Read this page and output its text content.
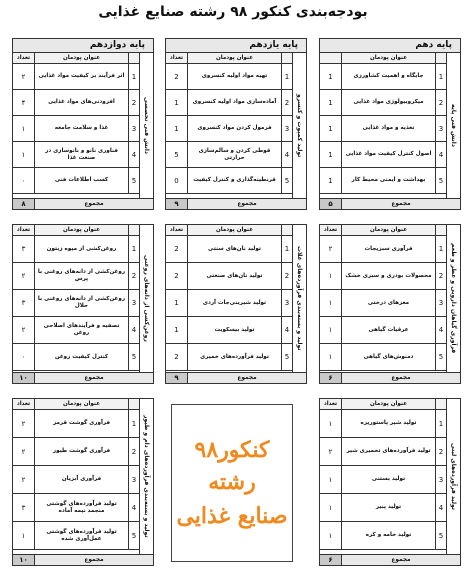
بودجه‌بندی کنکور ۹۸ رشته صنایع غذایی
پایه دهم
دانش فنی پایه
عنوان پودمان
1
جایگاه و اهمیت کشاورزی
1
2
میکروبیولوژی مواد غذایی
1
3
تغذیه و مواد غذایی
1
4
اصول کنترل کیفیت مواد غذایی
1
5
بهداشت و ایمنی محیط کار
1
مجموع
۵
پایه یازدهم
تولید کمپوت و کنسرو
عنوان پودمان
تعداد
1
تهیه مواد اولیه کنسروی
2
2
آماده‌سازی مواد اولیه کنسروی
1
3
فرمول کردن مواد کنسروی
1
4
قوطی کردن و سالم‌سازی حرارتی
5
5
قرنطینه‌گذاری و کنترل کیفیت
0
مجموع
۹
پایه دوازدهم
دانش فنی تخصصی
عنوان پودمان
تعداد
1
اثر فرآیند بر کیفیت مواد غذایی
۲
2
افزودنی‌های مواد غذایی
۴
3
غذا و سلامت جامعه
۱
4
فناوری نانو و نانوسازی در صنعت غذا
۱
5
کسب اطلاعات فنی
۰
مجموع
۸
فرآوری گیاهان دارویی و عطر و طعم
عنوان پودمان
تعداد
1
فرآوری سبزیجات
۲
2
محصولات بودری و سبزی خشک
۱
3
مغزهای درختی
۱
4
عرقیات گیاهی
۱
5
دمنوش‌های گیاهی
۱
مجموع
۶
تولید و بسته‌بندی فرآورده‌های غلات
عنوان پودمان
تعداد
1
تولید نان‌های سنتی
2
2
تولید نان‌های صنعتی
2
3
تولید شیرینی‌جات آردی
1
4
تولید بیسکویت
1
5
تولید فرآورده‌های خمیری
2
مجموع
۹
روغن‌کشی از دانه‌های روغنی
عنوان پودمان
تعداد
1
روغن‌کشی از میوه زیتون
۳
2
روغن‌کشی از دانه‌های روغنی با پرس
۲
3
روغن‌کشی از دانه‌های روغنی با حلال
۳
4
تصفیه و فرآیندهای اصلاحی روغن
۲
5
کنترل کیفیت روغن
۰
مجموع
۱۰
تولید فرآورده‌های لبنی
عنوان پودمان
تعداد
1
تولید شیر پاستوریزه
۱
2
تولید فرآورده‌های تخمیری شیر
۲
3
تولید بستنی
۱
4
تولید پنیر
۱
5
تولید خامه و کره
۱
مجموع
۶
تولید و بسته‌بندی فرآورده‌های دام و طیور
عنوان پودمان
تعداد
1
فرآوری گوشت قرمز
۲
2
فرآوری گوشت طیور
۲
3
فرآوری آبزیان
۲
4
تولید فرآورده‌های گوشتی منجمد نیمه آماده
۳
5
تولید فرآورده‌های گوشتی عمل‌آوری شده
۱
مجموع
۱۰
کنکور۹۸
رشته
صنایع غذایی
